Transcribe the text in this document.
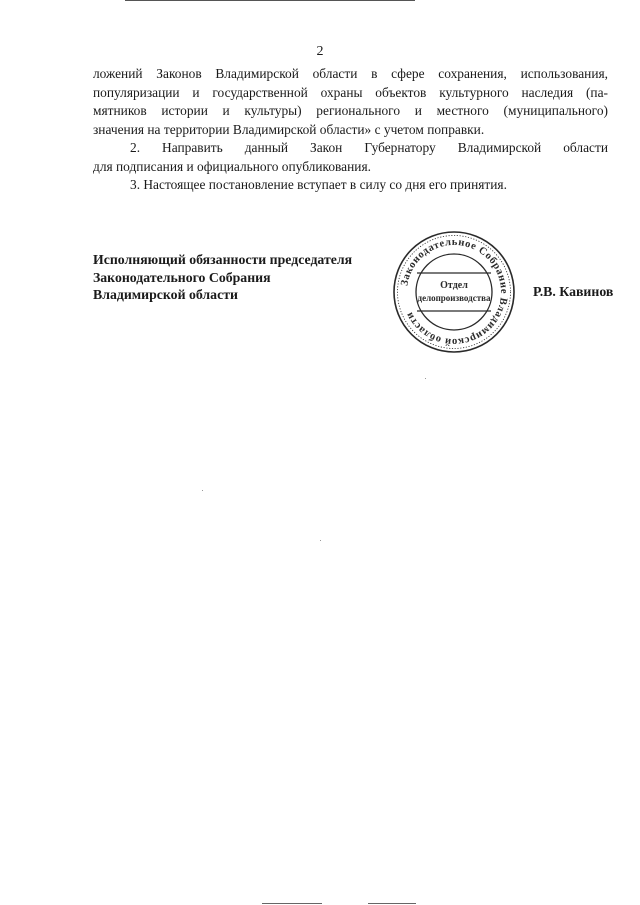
2

ложений Законов Владимирской области в сфере сохранения, использования,

популяризации и государственной охраны объектов культурного наследия (па-

мятников истории и культуры) регионального и местного (муниципального)

значения на территории Владимирской области» с учетом поправки.

2. Направить данный Закон Губернатору Владимирской области

для подписания и официального опубликования.

3. Настоящее постановление вступает в силу со дня его принятия.

Исполняющий обязанности председателя
Законодательного Собрания
Владимирской области
Законодательное Собрание Владимирской области
Отдел
делопроизводства	Р.В. Кавинов
